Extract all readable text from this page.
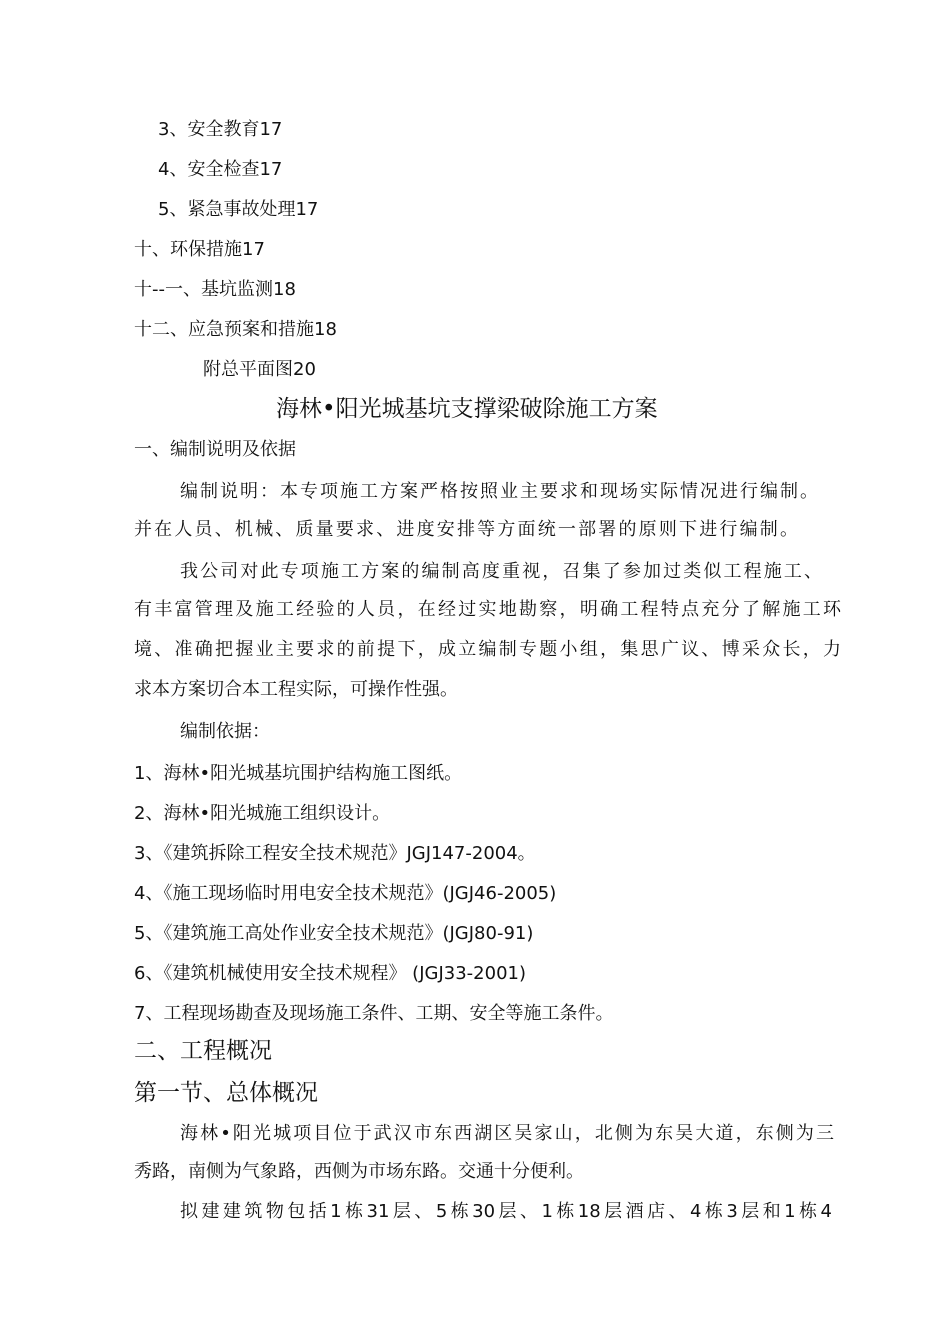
3、安全教育17
4、安全检查17
5、紧急事故处理17
十、环保措施17
十--一、基坑监测18
十二、应急预案和措施18
附总平面图20
海林•阳光城基坑支撑梁破除施工方案
一、编制说明及依据
编制说明：本专项施工方案严格按照业主要求和现场实际情况进行编制。
并在人员、机械、质量要求、进度安排等方面统一部署的原则下进行编制。
我公司对此专项施工方案的编制高度重视，召集了参加过类似工程施工、
有丰富管理及施工经验的人员，在经过实地勘察，明确工程特点充分了解施工环
境、准确把握业主要求的前提下，成立编制专题小组，集思广议、博采众长，力
求本方案切合本工程实际，可操作性强。
编制依据：
1、海林•阳光城基坑围护结构施工图纸。
2、海林•阳光城施工组织设计。
3、《建筑拆除工程安全技术规范》JGJ147-2004。
4、《施工现场临时用电安全技术规范》(JGJ46-2005)
5、《建筑施工高处作业安全技术规范》(JGJ80-91)
6、《建筑机械使用安全技术规程》 (JGJ33-2001)
7、工程现场勘查及现场施工条件、工期、安全等施工条件。
二、工程概况
第一节、总体概况
海林•阳光城项目位于武汉市东西湖区吴家山，北侧为东吴大道，东侧为三
秀路，南侧为气象路，西侧为市场东路。交通十分便利。
拟建建筑物包括1栋31层、5栋30层、1栋18层酒店、4栋3层和1栋4
